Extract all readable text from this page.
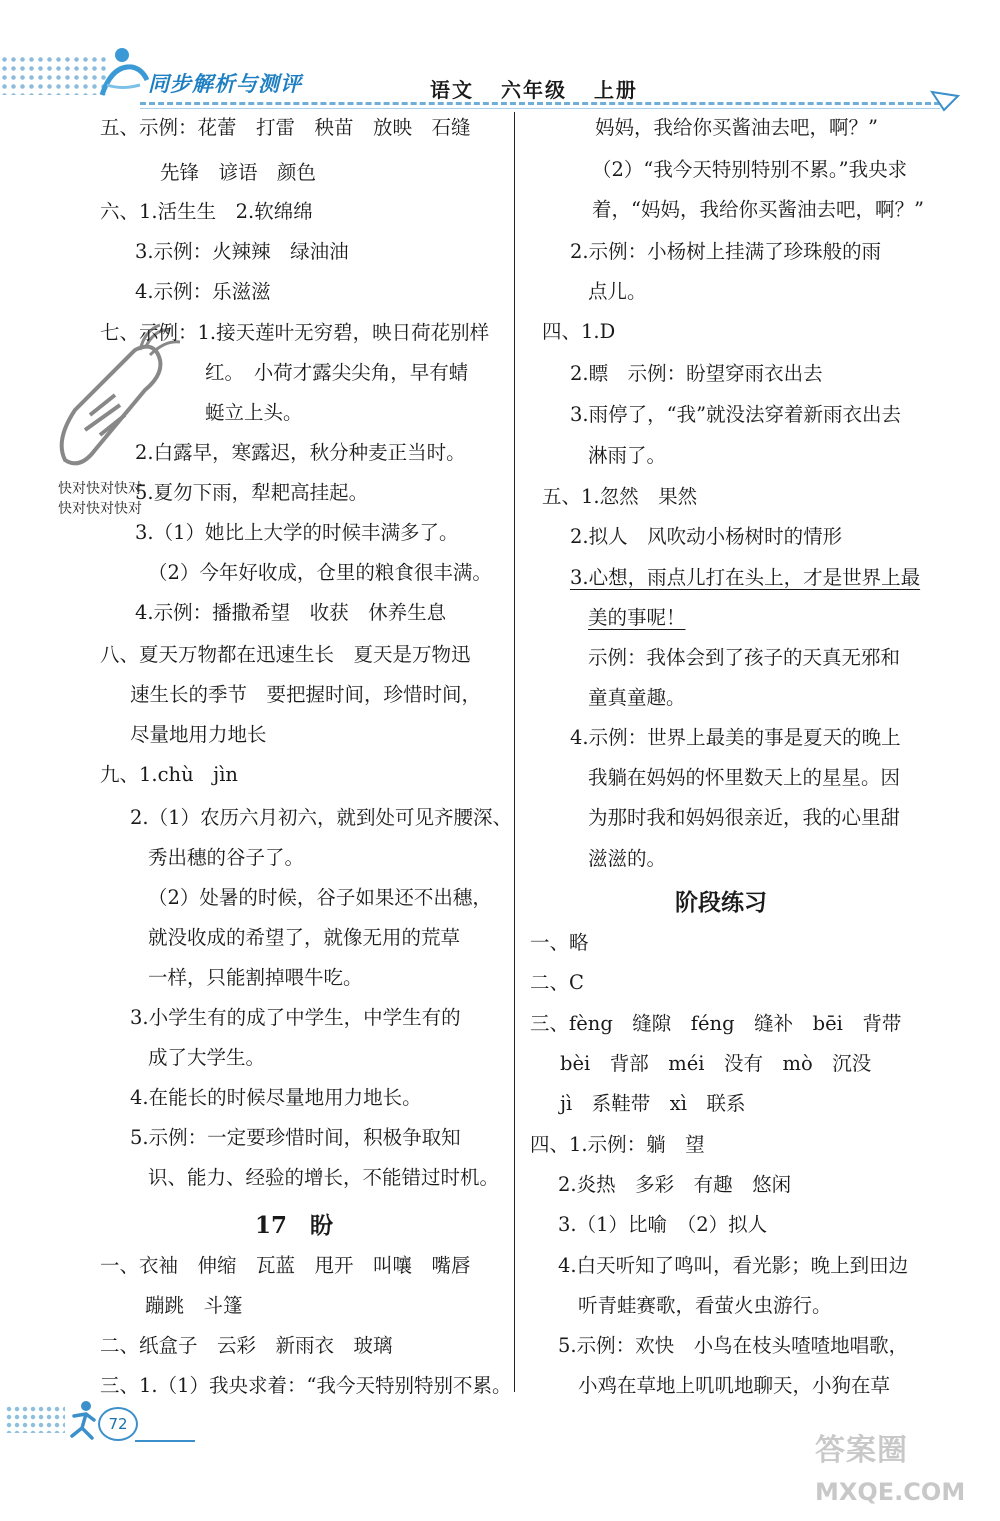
同步解析与测评	语文 六年级 上册
快对快对快对
快对快对快对
五、示例：花蕾　打雷　秧苗　放映　石缝
先锋　谚语　颜色
六、1.活生生　2.软绵绵
3.示例：火辣辣　绿油油
4.示例：乐滋滋
七、示例：1.接天莲叶无穷碧，映日荷花别样
红。　小荷才露尖尖角，早有蜻
蜓立上头。
2.白露早，寒露迟，秋分种麦正当时。
5.夏勿下雨，犁耙高挂起。
3.（1）她比上大学的时候丰满多了。
（2）今年好收成，仓里的粮食很丰满。
4.示例：播撒希望　收获　休养生息
八、夏天万物都在迅速生长　夏天是万物迅
速生长的季节　要把握时间，珍惜时间，
尽量地用力地长
九、1.chù　jìn
2.（1）农历六月初六，就到处可见齐腰深、
秀出穗的谷子了。
（2）处暑的时候，谷子如果还不出穗，
就没收成的希望了，就像无用的荒草
一样，只能割掉喂牛吃。
3.小学生有的成了中学生，中学生有的
成了大学生。
4.在能长的时候尽量地用力地长。
5.示例：一定要珍惜时间，积极争取知
识、能力、经验的增长，不能错过时机。
17　盼
一、衣袖　伸缩　瓦蓝　甩开　叫嚷　嘴唇
蹦跳　斗篷
二、纸盒子　云彩　新雨衣　玻璃
三、1.（1）我央求着：“我今天特别特别不累。
妈妈，我给你买酱油去吧，啊？”
（2）“我今天特别特别不累。”我央求
着，“妈妈，我给你买酱油去吧，啊？”
2.示例：小杨树上挂满了珍珠般的雨
点儿。
四、1.D
2.瞟　示例：盼望穿雨衣出去
3.雨停了，“我”就没法穿着新雨衣出去
淋雨了。
五、1.忽然　果然
2.拟人　风吹动小杨树时的情形
3.心想，雨点儿打在头上，才是世界上最
美的事呢！
示例：我体会到了孩子的天真无邪和
童真童趣。
4.示例：世界上最美的事是夏天的晚上
我躺在妈妈的怀里数天上的星星。因
为那时我和妈妈很亲近，我的心里甜
滋滋的。
阶段练习
一、略
二、C
三、fèng　缝隙　féng　缝补　bēi　背带
bèi　背部　méi　没有　mò　沉没
jì　系鞋带　xì　联系
四、1.示例：躺　望
2.炎热　多彩　有趣　悠闲
3.（1）比喻　（2）拟人
4.白天听知了鸣叫，看光影；晚上到田边
听青蛙赛歌，看萤火虫游行。
5.示例：欢快　小鸟在枝头喳喳地唱歌，
小鸡在草地上叽叽地聊天，小狗在草
72
答案圈
MXQE.COM
